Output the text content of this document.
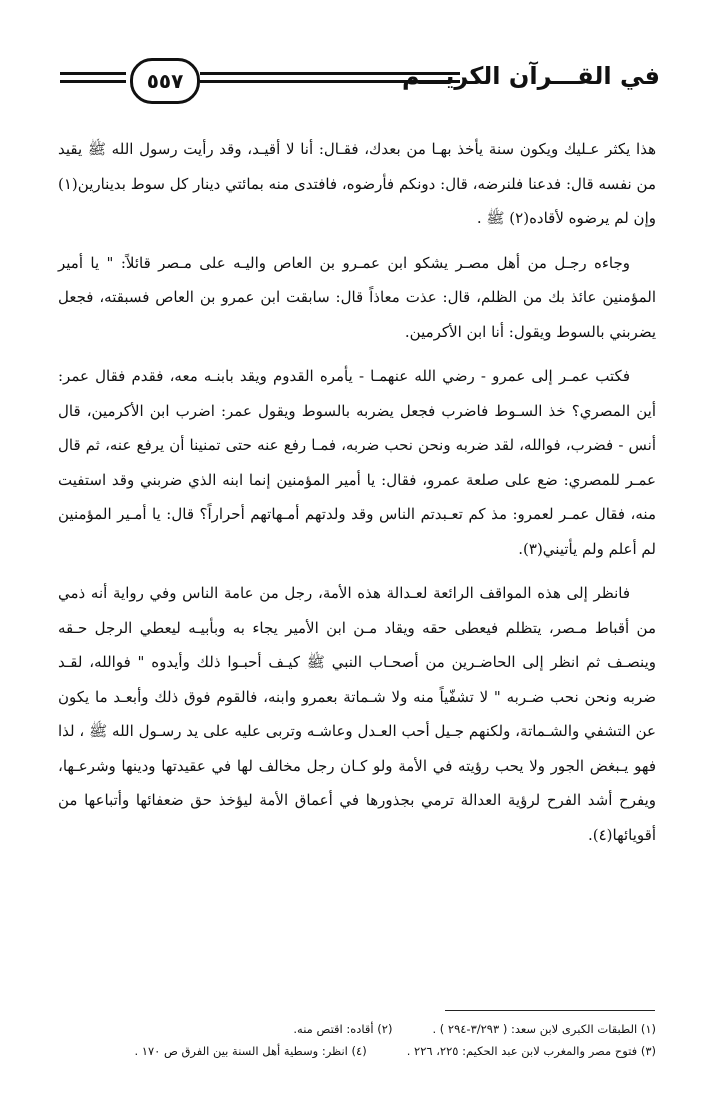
٥٥٧	في القـــرآن الكريـــم

هذا يكثر عـليك ويكون سنة يأخذ بهـا من بعدك، فقـال: أنا لا أقيـد، وقد رأيت رسول الله ﷺ يقيد من نفسه قال: فدعنا فلنرضه، قال: دونكم فأرضوه، فافتدى منه بمائتي دينار كل سوط بدينارين(١) وإن لم يرضوه لأقاده(٢) ﷺ .

وجاءه رجـل من أهل مصـر يشكو ابن عمـرو بن العاص واليـه على مـصر قائلاً: " يا أمير المؤمنين عائذ بك من الظلم، قال: عذت معاذاً قال: سابقت ابن عمرو بن العاص فسبقته، فجعل يضربني بالسوط ويقول: أنا ابن الأكرمين.

فكتب عمـر إلى عمرو - رضي الله عنهمـا - يأمره القدوم ويقد بابنـه معه، فقدم فقال عمر: أين المصري؟ خذ السـوط فاضرب فجعل يضربه بالسوط ويقول عمر: اضرب ابن الأكرمين، قال أنس - فضرب، فوالله، لقد ضربه ونحن نحب ضربه، فمـا رفع عنه حتى تمنينا أن يرفع عنه، ثم قال عمـر للمصري: ضع على صلعة عمرو، فقال: يا أمير المؤمنين إنما ابنه الذي ضربني وقد استفيت منه، فقال عمـر لعمرو: مذ كم تعـبدتم الناس وقد ولدتهم أمـهاتهم أحراراً؟ قال: يا أمـير المؤمنين لم أعلم ولم يأتيني(٣).

فانظر إلى هذه المواقف الرائعة لعـدالة هذه الأمة، رجل من عامة الناس وفي رواية أنه ذمي من أقباط مـصر، يتظلم فيعطى حقه ويقاد مـن ابن الأمير يجاء به وبأبيـه ليعطي الرجل حـقه وينصـف ثم انظر إلى الحاضـرين من أصحـاب النبي ﷺ كيـف أحبـوا ذلك وأيدوه " فوالله، لقـد ضربه ونحن نحب ضـربه " لا تشفّياً منه ولا شـماتة بعمرو وابنه، فالقوم فوق ذلك وأبعـد ما يكون عن التشفي والشـماتة، ولكنهم جـيل أحب العـدل وعاشـه وتربى عليه على يد رسـول الله ﷺ ، لذا فهو يـبغض الجور ولا يحب رؤيته في الأمة ولو كـان رجل مخالف لها في عقيدتها ودينها وشرعـها، ويفرح أشد الفرح لرؤية العدالة ترمي بجذورها في أعماق الأمة ليؤخذ حق ضعفائها وأتباعها من أقويائها(٤).

(١) الطبقات الكبرى لابن سعد: ( ٣/٢٩٣-٢٩٤ ) .
(٢) أقاده: اقتص منه.
(٣) فتوح مصر والمغرب لابن عبد الحكيم: ٢٢٥، ٢٢٦ .
(٤) انظر: وسطية أهل السنة بين الفرق ص ١٧٠ .
